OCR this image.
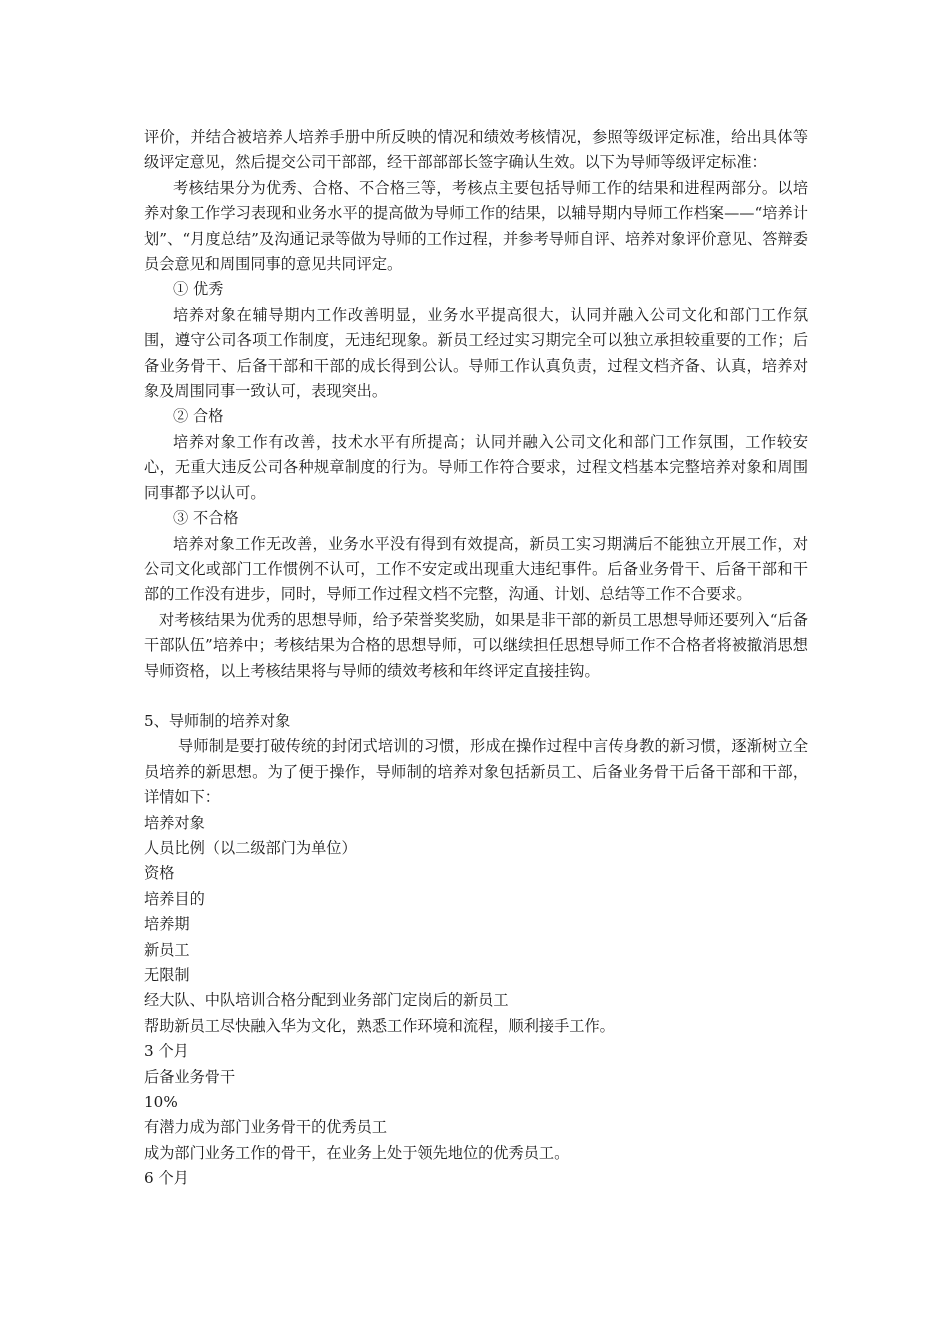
评价，并结合被培养人培养手册中所反映的情况和绩效考核情况，参照等级评定标准，给出具体等级评定意见，然后提交公司干部部，经干部部部长签字确认生效。以下为导师等级评定标准：

考核结果分为优秀、合格、不合格三等，考核点主要包括导师工作的结果和进程两部分。以培养对象工作学习表现和业务水平的提高做为导师工作的结果，以辅导期内导师工作档案——“培养计划”、“月度总结”及沟通记录等做为导师的工作过程，并参考导师自评、培养对象评价意见、答辩委员会意见和周围同事的意见共同评定。

① 优秀

培养对象在辅导期内工作改善明显，业务水平提高很大，认同并融入公司文化和部门工作氛围，遵守公司各项工作制度，无违纪现象。新员工经过实习期完全可以独立承担较重要的工作；后备业务骨干、后备干部和干部的成长得到公认。导师工作认真负责，过程文档齐备、认真，培养对象及周围同事一致认可，表现突出。

② 合格

培养对象工作有改善，技术水平有所提高；认同并融入公司文化和部门工作氛围，工作较安心，无重大违反公司各种规章制度的行为。导师工作符合要求，过程文档基本完整培养对象和周围同事都予以认可。

③ 不合格

培养对象工作无改善，业务水平没有得到有效提高，新员工实习期满后不能独立开展工作，对公司文化或部门工作惯例不认可，工作不安定或出现重大违纪事件。后备业务骨干、后备干部和干部的工作没有进步，同时，导师工作过程文档不完整，沟通、计划、总结等工作不合要求。

对考核结果为优秀的思想导师，给予荣誉奖奖励，如果是非干部的新员工思想导师还要列入“后备干部队伍”培养中；考核结果为合格的思想导师，可以继续担任思想导师工作不合格者将被撤消思想导师资格，以上考核结果将与导师的绩效考核和年终评定直接挂钩。

5、导师制的培养对象

导师制是要打破传统的封闭式培训的习惯，形成在操作过程中言传身教的新习惯，逐渐树立全员培养的新思想。为了便于操作，导师制的培养对象包括新员工、后备业务骨干后备干部和干部，详情如下：

培养对象

人员比例（以二级部门为单位）

资格

培养目的

培养期

新员工

无限制

经大队、中队培训合格分配到业务部门定岗后的新员工

帮助新员工尽快融入华为文化，熟悉工作环境和流程，顺利接手工作。

3 个月

后备业务骨干

10%

有潜力成为部门业务骨干的优秀员工

成为部门业务工作的骨干，在业务上处于领先地位的优秀员工。

6 个月
